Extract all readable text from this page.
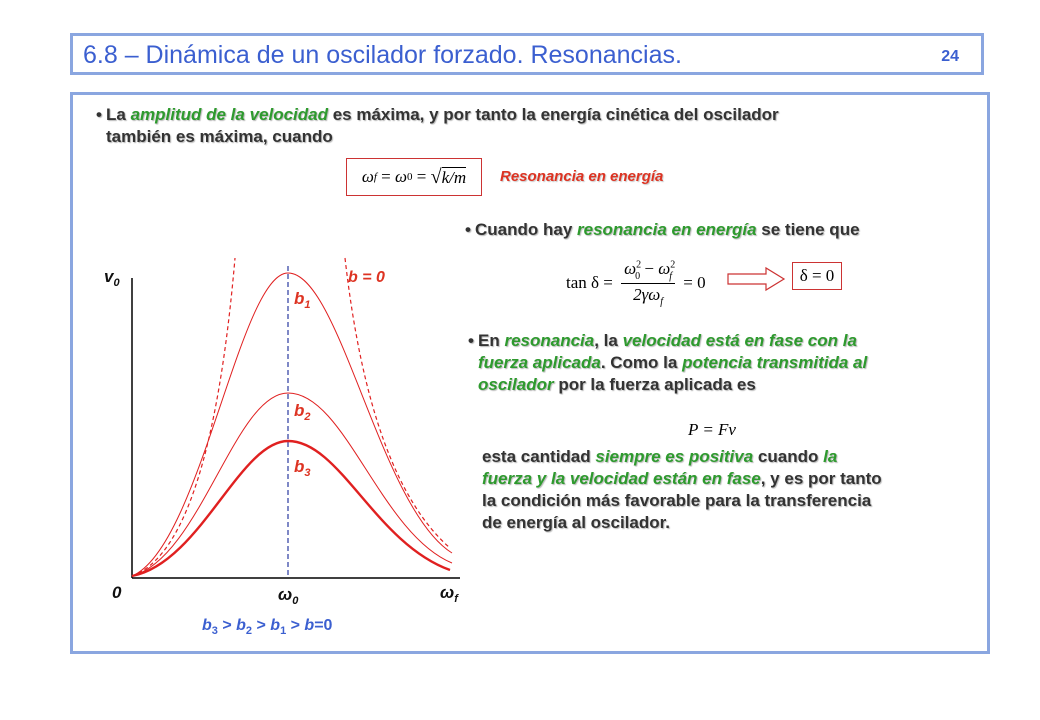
6.8 – Dinámica de un oscilador forzado. Resonancias.	24
• La amplitud de la velocidad es máxima, y por tanto la energía cinética del oscilador
también es máxima, cuando
ω f = ω 0 = √ k/m Resonancia en energía
• Cuando hay resonancia en energía se tiene que
$\tan \delta = \frac{\omega^2_0 - \omega^2_f}{2\gamma\omega_f} = 0$	δ = 0
• En resonancia, la velocidad está en fase con la
fuerza aplicada. Como la potencia transmitida al
oscilador por la fuerza aplicada es
P = Fv
esta cantidad siempre es positiva cuando la
fuerza y la velocidad están en fase, y es por tanto
la condición más favorable para la transferencia
de energía al oscilador.
$v_0$
0	$\omega_0$	$\omega_f$
b = 0
$b_1$
$b_2$
$b_3$
$b_3 > b_2 > b_1 > b=0$
